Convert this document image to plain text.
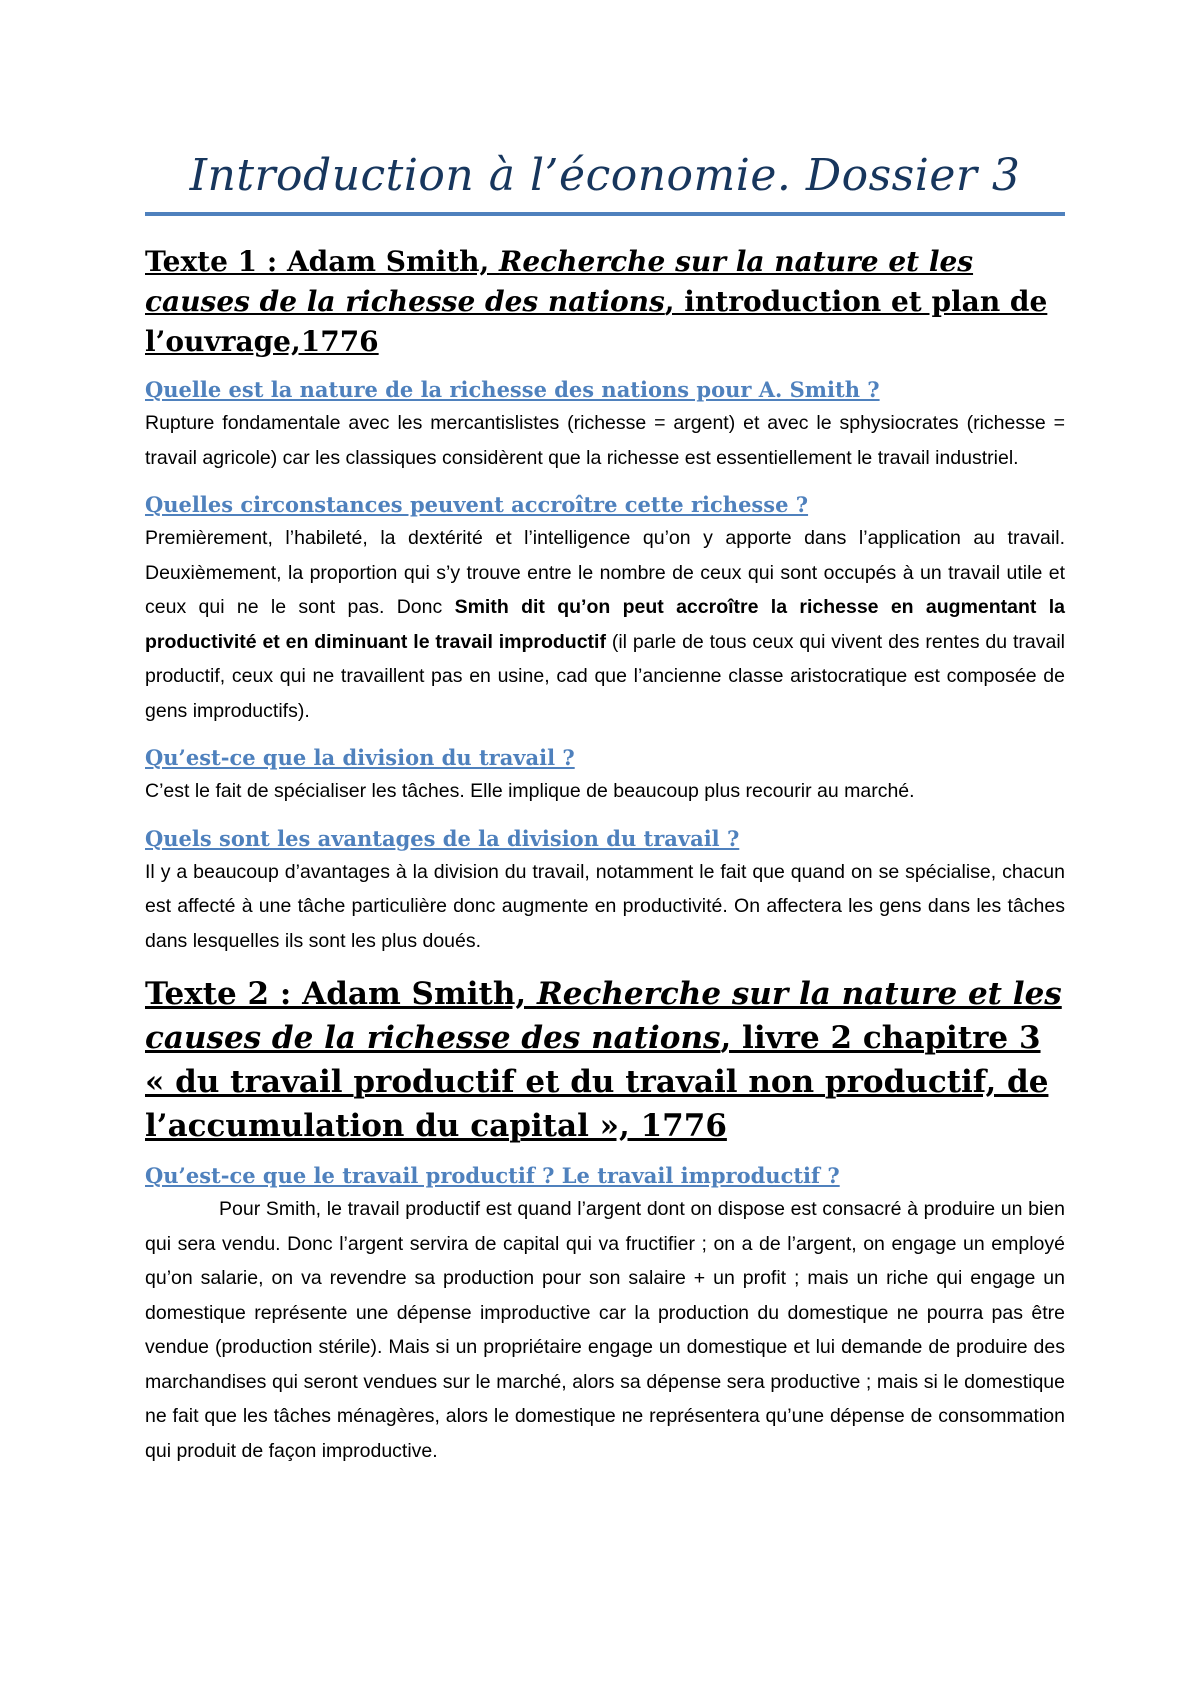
Introduction à l’économie. Dossier 3
Texte 1 : Adam Smith, Recherche sur la nature et les causes de la richesse des nations, introduction et plan de l’ouvrage,1776
Quelle est la nature de la richesse des nations pour A. Smith ?

Rupture fondamentale avec les mercantislistes (richesse = argent) et avec le sphysiocrates (richesse = travail agricole) car les classiques considèrent que la richesse est essentiellement le travail industriel.

Quelles circonstances peuvent accroître cette richesse ?

Premièrement, l’habileté, la dextérité et l’intelligence qu’on y apporte dans l’application au travail. Deuxièmement, la proportion qui s’y trouve entre le nombre de ceux qui sont occupés à un travail utile et ceux qui ne le sont pas. Donc Smith dit qu’on peut accroître la richesse en augmentant la productivité et en diminuant le travail improductif (il parle de tous ceux qui vivent des rentes du travail productif, ceux qui ne travaillent pas en usine, cad que l’ancienne classe aristocratique est composée de gens improductifs).

Qu’est-ce que la division du travail ?

C’est le fait de spécialiser les tâches. Elle implique de beaucoup plus recourir au marché.

Quels sont les avantages de la division du travail ?

Il y a beaucoup d’avantages à la division du travail, notamment le fait que quand on se spécialise, chacun est affecté à une tâche particulière donc augmente en productivité. On affectera les gens dans les tâches dans lesquelles ils sont les plus doués.

Texte 2 : Adam Smith, Recherche sur la nature et les causes de la richesse des nations, livre 2 chapitre 3 « du travail productif et du travail non productif, de l’accumulation du capital », 1776
Qu’est-ce que le travail productif ? Le travail improductif ?

Pour Smith, le travail productif est quand l’argent dont on dispose est consacré à produire un bien qui sera vendu. Donc l’argent servira de capital qui va fructifier ; on a de l’argent, on engage un employé qu’on salarie, on va revendre sa production pour son salaire + un profit ; mais un riche qui engage un domestique représente une dépense improductive car la production du domestique ne pourra pas être vendue (production stérile). Mais si un propriétaire engage un domestique et lui demande de produire des marchandises qui seront vendues sur le marché, alors sa dépense sera productive ; mais si le domestique ne fait que les tâches ménagères, alors le domestique ne représentera qu’une dépense de consommation qui produit de façon improductive.
